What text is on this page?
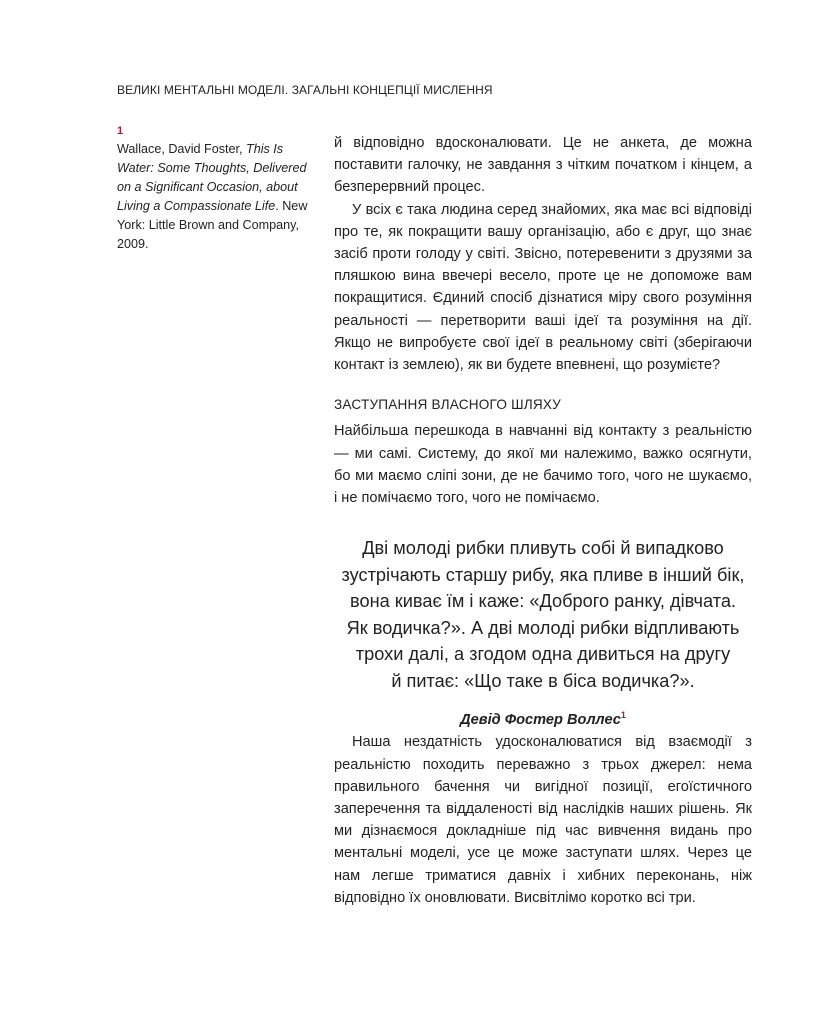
ВЕЛИКІ МЕНТАЛЬНІ МОДЕЛІ. ЗАГАЛЬНІ КОНЦЕПЦІЇ МИСЛЕННЯ
1
Wallace, David Foster, This Is Water: Some Thoughts, Delivered on a Significant Occasion, about Living a Compassionate Life. New York: Little Brown and Company, 2009.

й відповідно вдосконалювати. Це не анкета, де можна поставити галочку, не завдання з чітким початком і кінцем, а безперервний процес.

У всіх є така людина серед знайомих, яка має всі відповіді про те, як покращити вашу організацію, або є друг, що знає засіб проти голоду у світі. Звісно, потеревенити з друзями за пляшкою вина ввечері весело, проте це не допоможе вам покращитися. Єдиний спосіб дізнатися міру свого розуміння реальності — перетворити ваші ідеї та розуміння на дії. Якщо не випробуєте свої ідеї в реальному світі (зберігаючи контакт із землею), як ви будете впевнені, що розумієте?

ЗАСТУПАННЯ ВЛАСНОГО ШЛЯХУ

Найбільша перешкода в навчанні від контакту з реальністю — ми самі. Систему, до якої ми належимо, важко осягнути, бо ми маємо сліпі зони, де не бачимо того, чого не шукаємо, і не помічаємо того, чого не помічаємо.

Дві молоді рибки пливуть собі й випадково
зустрічають старшу рибу, яка пливе в інший бік,
вона киває їм і каже: «Доброго ранку, дівчата.
Як водичка?». А дві молоді рибки відпливають
трохи далі, а згодом одна дивиться на другу
й питає: «Що таке в біса водичка?».
Девід Фостер Воллес$^1$

Наша нездатність удосконалюватися від взаємодії з реальністю походить переважно з трьох джерел: нема правильного бачення чи вигідної позиції, егоїстичного заперечення та віддаленості від наслідків наших рішень. Як ми дізнаємося докладніше під час вивчення видань про ментальні моделі, усе це може заступати шлях. Через це нам легше триматися давніх і хибних переконань, ніж відповідно їх оновлювати. Висвітлімо коротко всі три.
